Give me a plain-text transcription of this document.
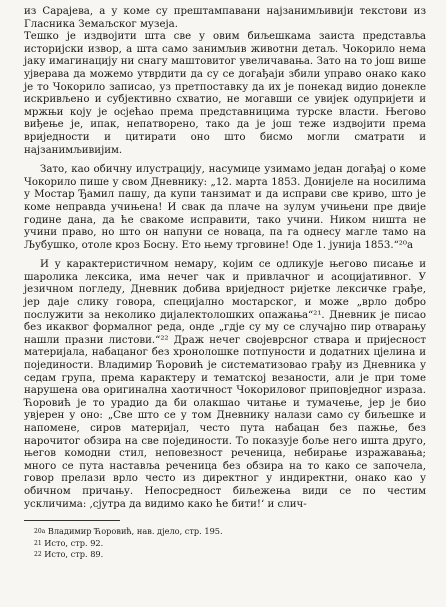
из Сарајева, а у коме су прештампавани најзанимљивији текстови из Гласника Земаљског музеја.
Тешко је издвојити шта све у овим биљешкама заиста представља историјски извор, а шта само занимљив животни детаљ. Чокорило нема јаку имагинацију ни снагу маштовитог увеличавања. Зато на то још више ујверава да можемо утврдити да су се догађаји збили управо онако како је то Чокорило записао, уз претпоставку да их је понекад видио донекле искривљено и субјективно схватио, не могавши се увијек одупријети и мржњи коју је осјећао према представницима турске власти. Његово виђење је, ипак, непатворено, тако да је још теже издвојити према вриједности и цитирати оно што бисмо могли сматрати и најзанимљивијим.

Зато, као обичну илустрацију, насумице узимамо један догађај о коме Чокорило пише у свом Дневнику: „12. марта 1853. Донијеле на носилима у Мостар Ђамил пашу, да купи танзимат и да исправи све криво, што је коме неправда учињена! И свак да плаче на зулум учињени пре двије године дана, да ће свакоме исправити, тако учини. Ником ништа не учини право, но што он напуни се новаца, па га однесу магле тамо на Љубушко, отоле кроз Босну. Ето њему трговине! Оде 1. јунија 1853.“²⁰a

И у карактеристичном немару, којим се одликује његово писање и шаролика лексика, има нечег чак и привлачног и асоцијативног. У језичном погледу, Дневник добива вриједност ријетке лексичке грађе, јер даје слику говора, специјално мостарског, и може „врло добро послужити за неколико дијалектолошких опажања“²¹. Дневник је писао без икаквог формалног реда, онде „гдје су му се случајно пир отварању нашли празни листови.“²² Драж нечег својеврсног стварa и пријесност материјала, набацаног без хронолошке потпуности и додатних цјелина и појединости. Владимир Ћоровић је систематизовао грађу из Дневника у седам група, према карактеру и тематској везаности, али је при томе нарушена ова оригинална хаотичност Чокориловог приповједног израза. Ћоровић је то урадио да би олакшао читање и тумачење, јер је био увјерен у оно: „Све што се у том Дневнику налази само су биљешке и напомене, сиров материјал, често пута набацан без пажње, без нарочитог обзира на све појединости. То показује боље него ишта друго, његов комодни стил, неповезност реченица, небирање изражавања; много се пута наставља реченица без обзира на то како се започела, говор прелази врло често из директног у индиректни, онако као у обичном причању. Непосредност биљежења види се по честим ускличима: ‚сјутра да видимо како ће бити!‘ и слич-

$^{20a}$ Владимир Ћоровић, нав. дјело, стр. 195.
$^{21}$ Исто, стр. 92.
$^{22}$ Исто, стр. 89.
